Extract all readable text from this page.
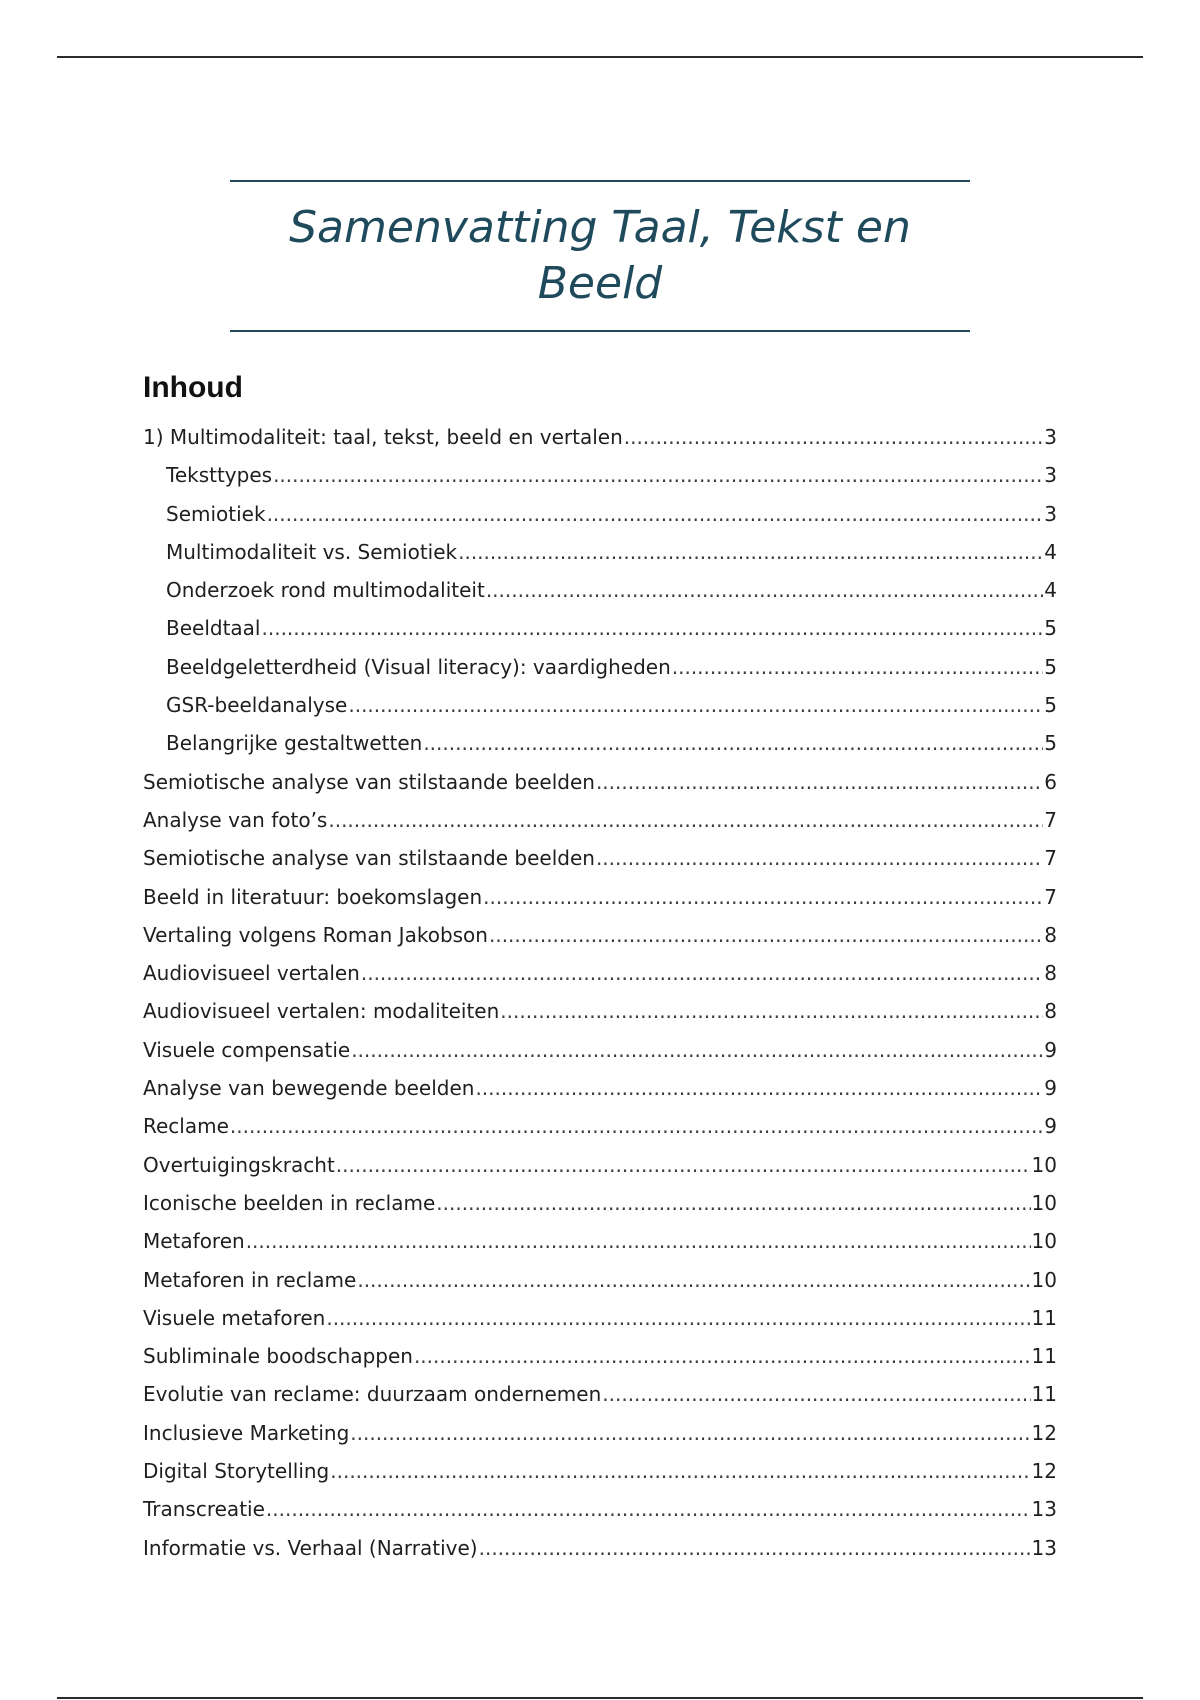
Samenvatting Taal, Tekst en Beeld
Inhoud
1) Multimodaliteit: taal, tekst, beeld en vertalen .....	3
Teksttypes .....	3
Semiotiek .....	3
Multimodaliteit vs. Semiotiek .....	4
Onderzoek rond multimodaliteit .....	4
Beeldtaal .....	5
Beeldgeletterdheid (Visual literacy): vaardigheden .....	5
GSR-beeldanalyse .....	5
Belangrijke gestaltwetten .....	5
Semiotische analyse van stilstaande beelden .....	6
Analyse van foto’s .....	7
Semiotische analyse van stilstaande beelden .....	7
Beeld in literatuur: boekomslagen .....	7
Vertaling volgens Roman Jakobson .....	8
Audiovisueel vertalen .....	8
Audiovisueel vertalen: modaliteiten .....	8
Visuele compensatie .....	9
Analyse van bewegende beelden .....	9
Reclame .....	9
Overtuigingskracht .....	10
Iconische beelden in reclame .....	10
Metaforen .....	10
Metaforen in reclame .....	10
Visuele metaforen .....	11
Subliminale boodschappen .....	11
Evolutie van reclame: duurzaam ondernemen .....	11
Inclusieve Marketing .....	12
Digital Storytelling .....	12
Transcreatie .....	13
Informatie vs. Verhaal (Narrative) .....	13
